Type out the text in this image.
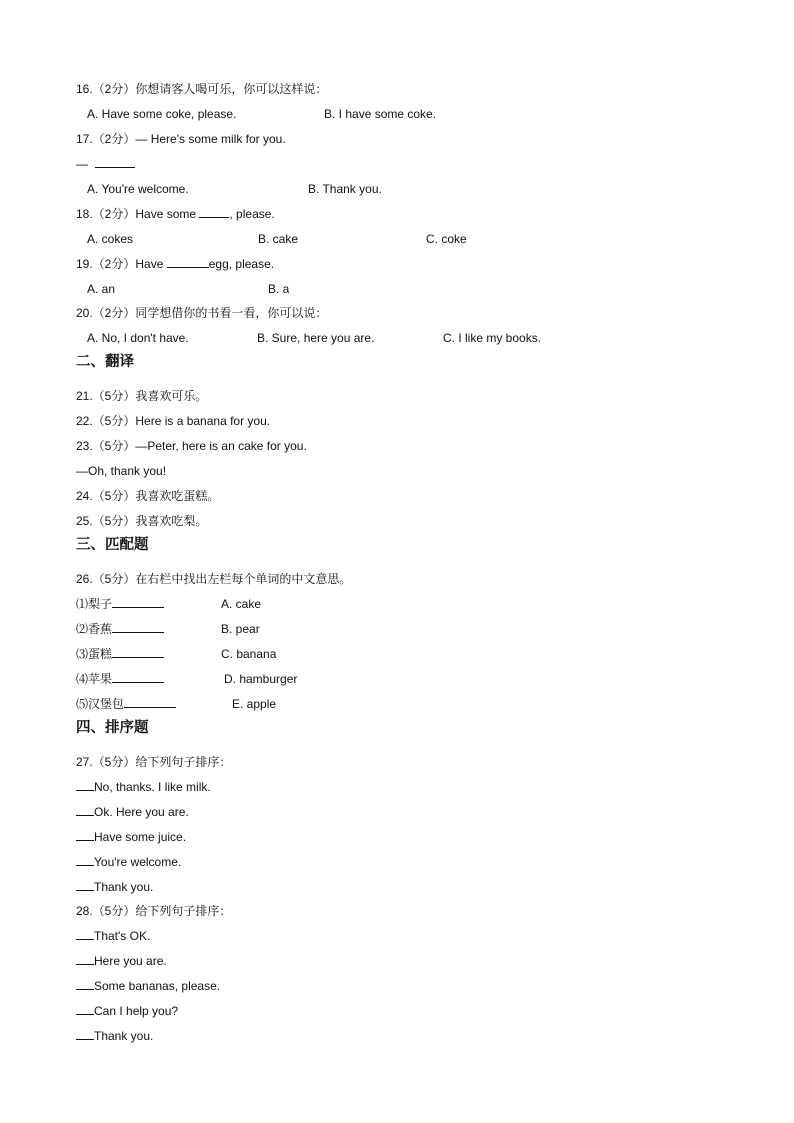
16.（2分）你想请客人喝可乐，你可以这样说：
A. Have some coke, please.	B. I have some coke.
17.（2分）— Here's some milk for you.
—
A. You're welcome.	B. Thank you.
18.（2分）Have some	, please.
A. cokes	B. cake	C. coke
19.（2分）Have	egg, please.
A. an	B. a
20.（2分）同学想借你的书看一看，你可以说：
A. No, I don't have.	B. Sure, here you are.	C. I like my books.
二、翻译
21.（5分）我喜欢可乐。
22.（5分）Here is a banana for you.
23.（5分）—Peter, here is an cake for you.
—Oh, thank you!
24.（5分）我喜欢吃蛋糕。
25.（5分）我喜欢吃梨。
三、匹配题
26.（5分）在右栏中找出左栏每个单词的中文意思。
⑴梨子	A. cake
⑵香蕉	B. pear
⑶蛋糕	C. banana
⑷苹果	D. hamburger
⑸汉堡包	E. apple
四、排序题
27.（5分）给下列句子排序：
No, thanks. I like milk.
Ok. Here you are.
Have some juice.
You're welcome.
Thank you.
28.（5分）给下列句子排序：
That's OK.
Here you are.
Some bananas, please.
Can I help you?
Thank you.
